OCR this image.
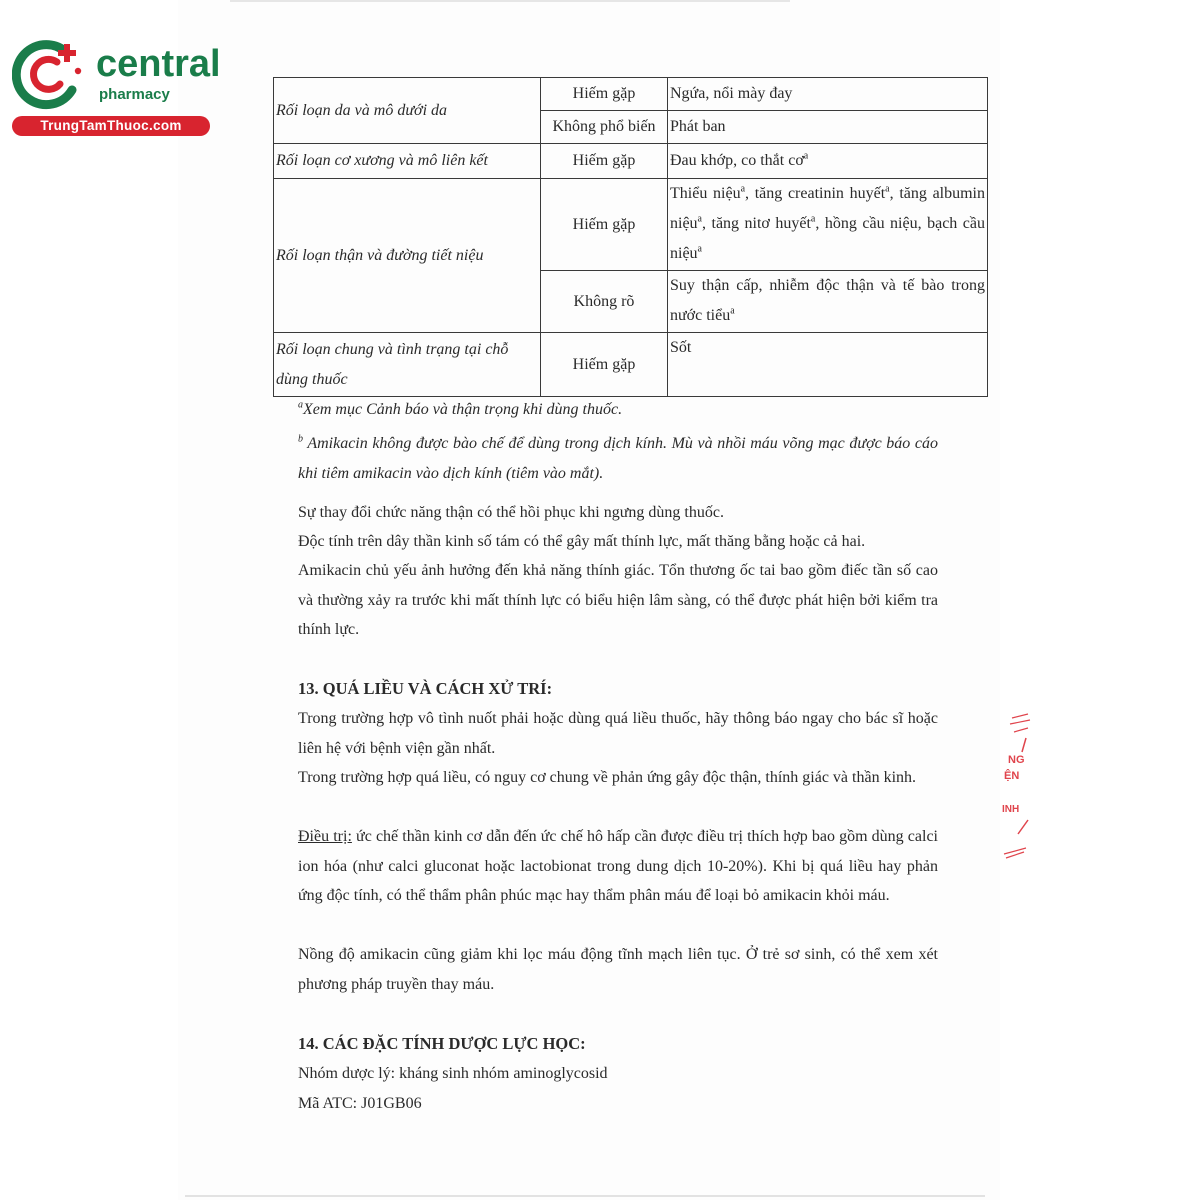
central
pharmacy
TrungTamThuoc.com
Rối loạn da và mô dưới da	Hiếm gặp	Ngứa, nổi mày đay
	Không phổ biến	Phát ban
Rối loạn cơ xương và mô liên kết	Hiếm gặp	Đau khớp, co thắt $cơ^a$
Rối loạn thận và đường tiết niệu	Hiếm gặp	Thiểu niệu$^a$, tăng creatinin huyết$^a$, tăng albumin niệu$^a$, tăng nitơ huyết$^a$, hồng cầu niệu, bạch cầu niệu$^a$
	Không rõ	Suy thận cấp, nhiễm độc thận và tế bào trong nước tiểu$^a$
Rối loạn chung và tình trạng tại chỗ dùng thuốc	Hiếm gặp	Sốt
$^a$Xem mục Cảnh báo và thận trọng khi dùng thuốc.
$^b$ Amikacin không được bào chế để dùng trong dịch kính. Mù và nhồi máu võng mạc được báo cáo khi tiêm amikacin vào dịch kính (tiêm vào mắt).
Sự thay đổi chức năng thận có thể hồi phục khi ngưng dùng thuốc.
Độc tính trên dây thần kinh số tám có thể gây mất thính lực, mất thăng bằng hoặc cả hai.
Amikacin chủ yếu ảnh hưởng đến khả năng thính giác. Tổn thương ốc tai bao gồm điếc tần số cao và thường xảy ra trước khi mất thính lực có biểu hiện lâm sàng, có thể được phát hiện bởi kiểm tra thính lực.
13. QUÁ LIỀU VÀ CÁCH XỬ TRÍ:
Trong trường hợp vô tình nuốt phải hoặc dùng quá liều thuốc, hãy thông báo ngay cho bác sĩ hoặc liên hệ với bệnh viện gần nhất.
Trong trường hợp quá liều, có nguy cơ chung về phản ứng gây độc thận, thính giác và thần kinh.
Điều trị: ức chế thần kinh cơ dẫn đến ức chế hô hấp cần được điều trị thích hợp bao gồm dùng calci ion hóa (như calci gluconat hoặc lactobionat trong dung dịch 10-20%). Khi bị quá liều hay phản ứng độc tính, có thể thẩm phân phúc mạc hay thẩm phân máu để loại bỏ amikacin khỏi máu.
Nồng độ amikacin cũng giảm khi lọc máu động tĩnh mạch liên tục. Ở trẻ sơ sinh, có thể xem xét phương pháp truyền thay máu.
14. CÁC ĐẶC TÍNH DƯỢC LỰC HỌC:
Nhóm dược lý: kháng sinh nhóm aminoglycosid
Mã ATC: J01GB06
NG
ỆN
INH
